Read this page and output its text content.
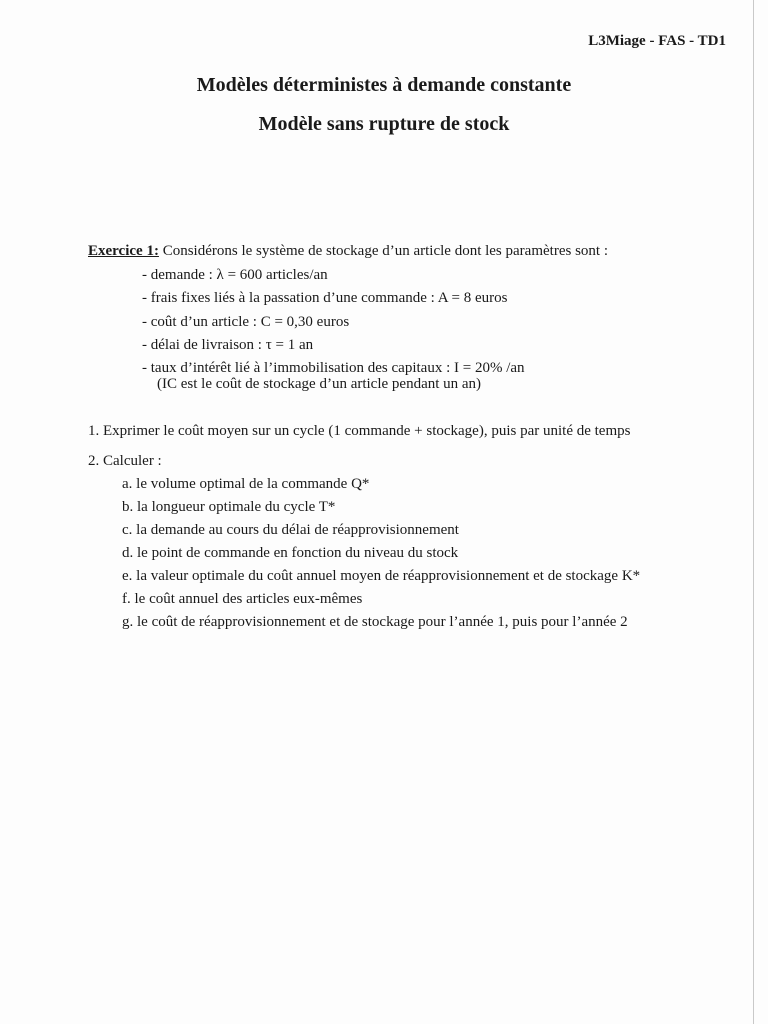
L3Miage - FAS - TD1
Modèles déterministes à demande constante
Modèle sans rupture de stock

Exercice 1: Considérons le système de stockage d’un article dont les paramètres sont :

- demande : λ = 600 articles/an

- frais fixes liés à la passation d’une commande : A = 8 euros

- coût d’un article : C = 0,30 euros

- délai de livraison : τ = 1 an

- taux d’intérêt lié à l’immobilisation des capitaux : I = 20% /an

(IC est le coût de stockage d’un article pendant un an)

1. Exprimer le coût moyen sur un cycle (1 commande + stockage), puis par unité de temps

2. Calculer :

a. le volume optimal de la commande Q*

b. la longueur optimale du cycle T*

c. la demande au cours du délai de réapprovisionnement

d. le point de commande en fonction du niveau du stock

e. la valeur optimale du coût annuel moyen de réapprovisionnement et de stockage K*

f. le coût annuel des articles eux-mêmes

g. le coût de réapprovisionnement et de stockage pour l’année 1, puis pour l’année 2
